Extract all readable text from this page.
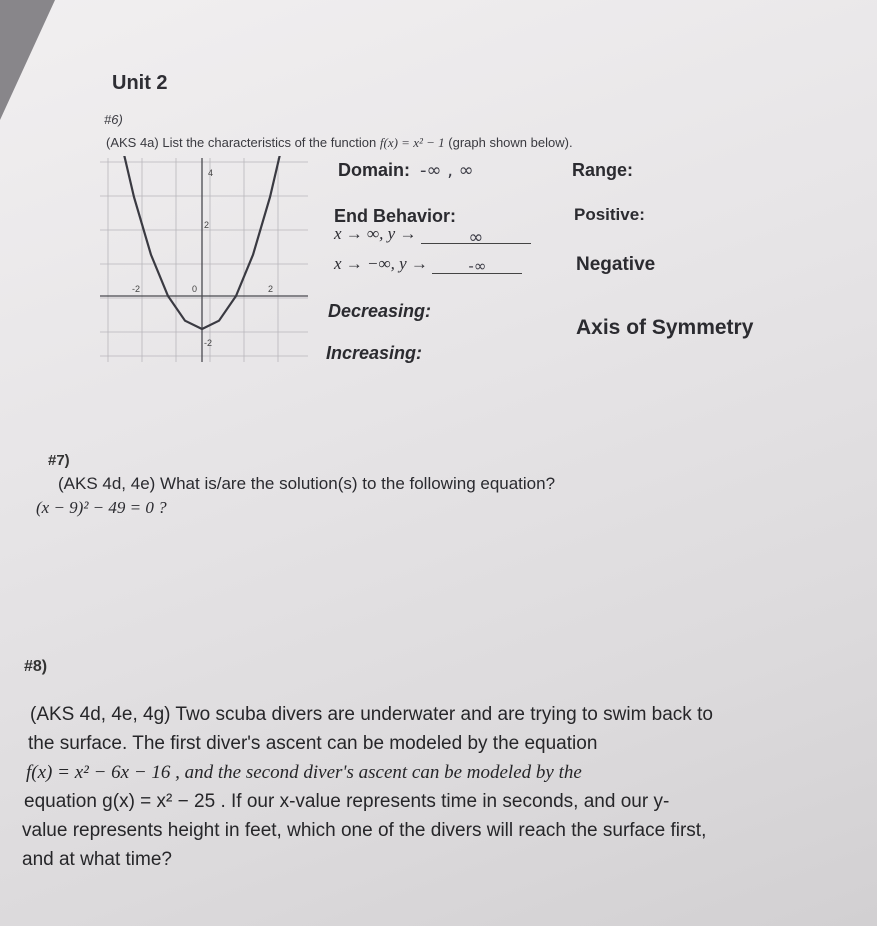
Unit 2
#6)
(AKS 4a) List the characteristics of the function f(x) = x² − 1 (graph shown below).
4
2
-2	0	2
-2
Domain: -∞ , ∞	Range:
End Behavior:
x → ∞, y →	∞
Positive:
x → −∞, y →	-∞	Negative
Decreasing:
Increasing:
Axis of Symmetry
#7)
(AKS 4d, 4e) What is/are the solution(s) to the following equation?
(x − 9)² − 49 = 0 ?
#8)
(AKS 4d, 4e, 4g) Two scuba divers are underwater and are trying to swim back to
the surface. The first diver's ascent can be modeled by the equation
f(x) = x² − 6x − 16 , and the second diver's ascent can be modeled by the
equation g(x) = x² − 25 . If our x-value represents time in seconds, and our y-
value represents height in feet, which one of the divers will reach the surface first,
and at what time?
